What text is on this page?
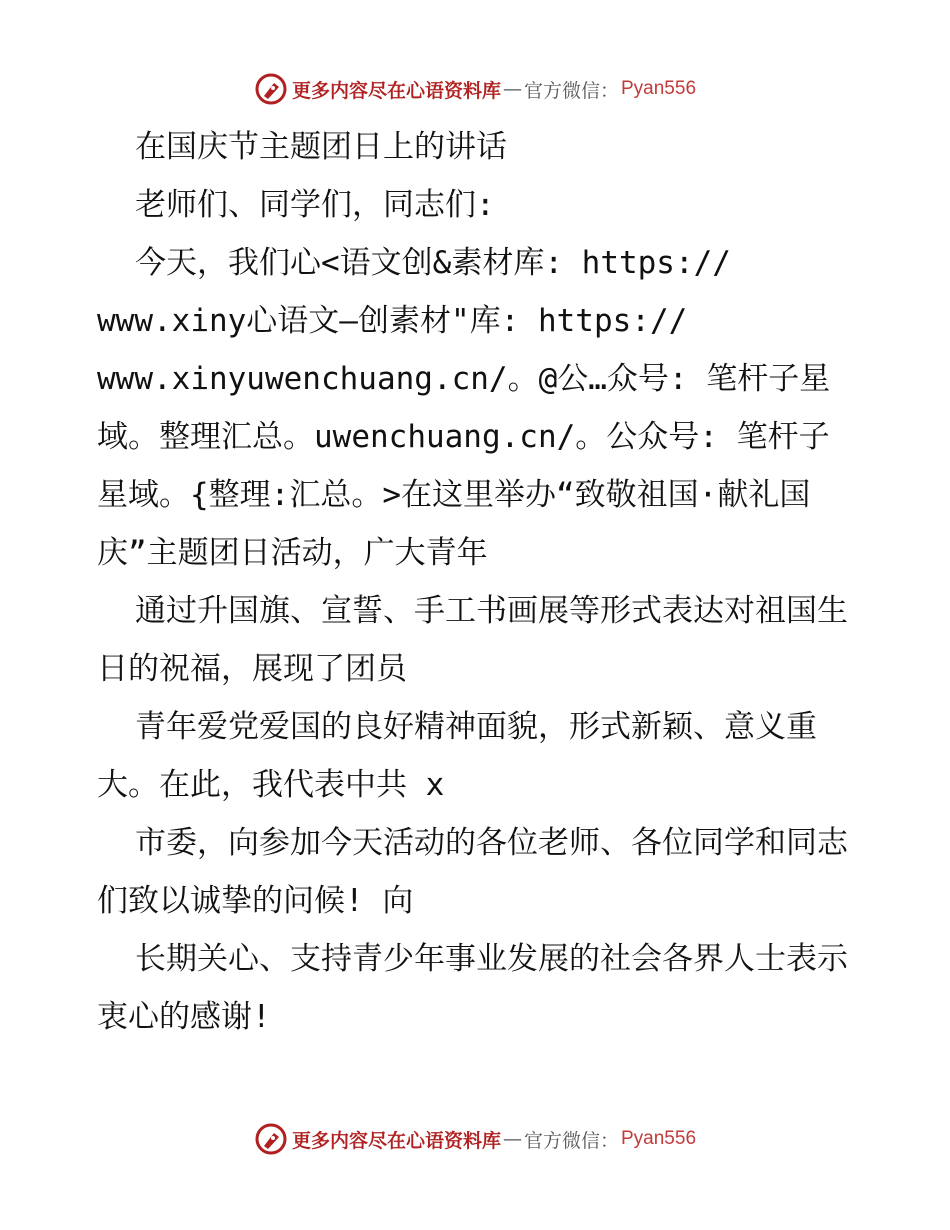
更多内容尽在心语资料库 — 官方微信： Pyan556

在国庆节主题团日上的讲话

老师们、同学们，同志们:

今天，我们心<语文创&素材库: https:// www.xiny心语文—创素材"库: https:// www.xinyuwenchuang.cn/。@公…众号: 笔杆子星域。整理汇总。uwenchuang.cn/。公众号: 笔杆子星域。{整理:汇总。>在这里举办“致敬祖国·献礼国庆”主题团日活动，广大青年

通过升国旗、宣誓、手工书画展等形式表达对祖国生日的祝福，展现了团员

青年爱党爱国的良好精神面貌，形式新颖、意义重大。在此，我代表中共 x

市委，向参加今天活动的各位老师、各位同学和同志们致以诚挚的问候! 向

长期关心、支持青少年事业发展的社会各界人士表示衷心的感谢!

更多内容尽在心语资料库 — 官方微信： Pyan556
